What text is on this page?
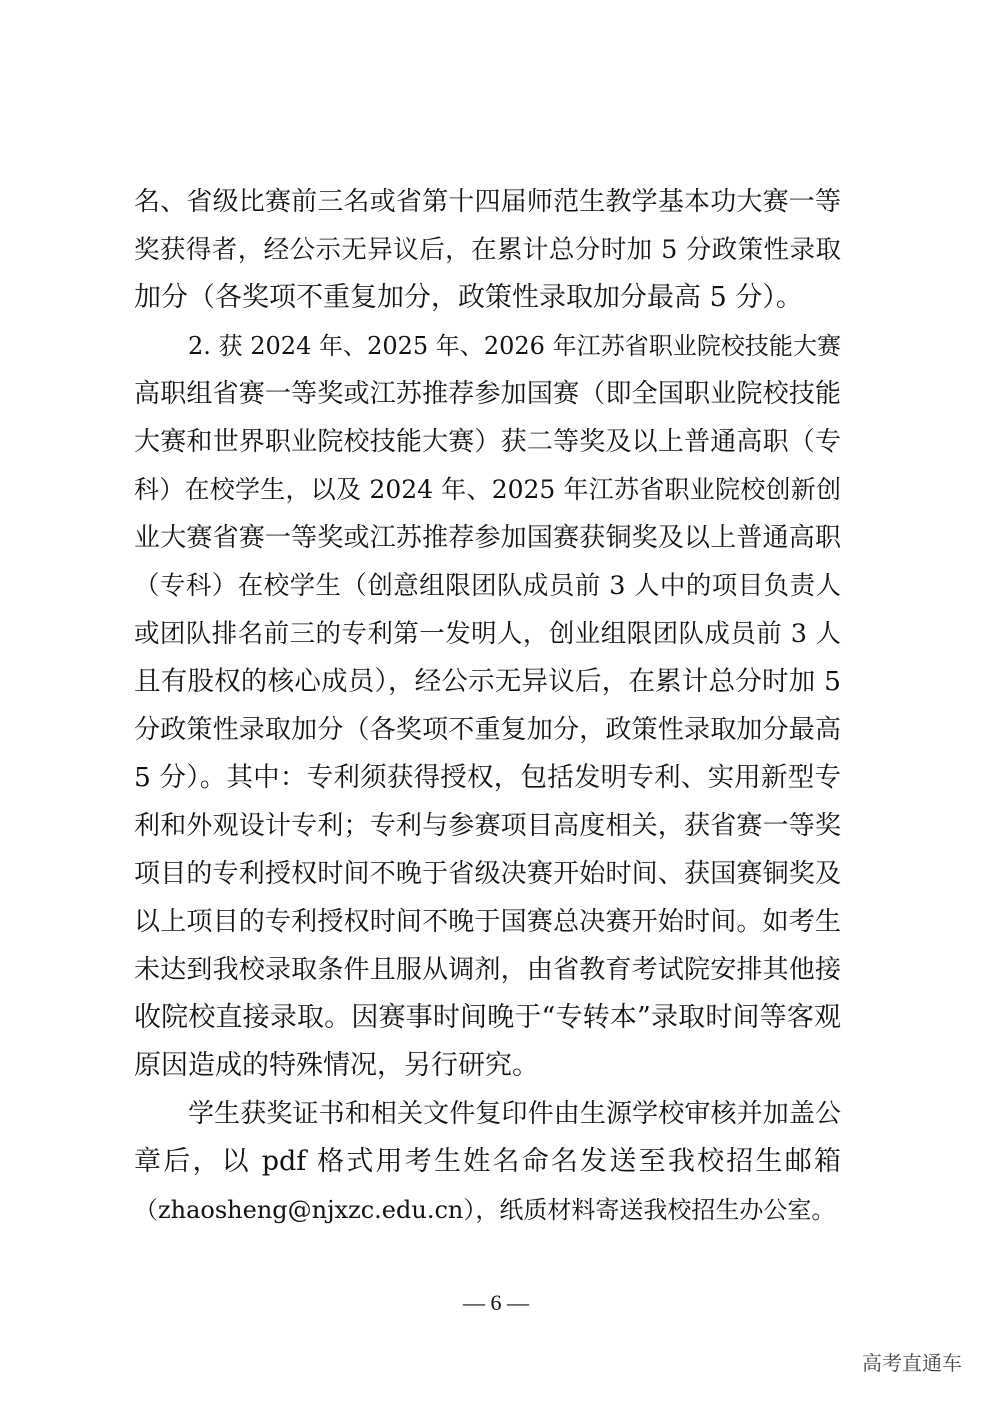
名、省级比赛前三名或省第十四届师范生教学基本功大赛一等
奖获得者，经公示无异议后，在累计总分时加 5 分政策性录取
加分（各奖项不重复加分，政策性录取加分最高 5 分）。
2. 获 2024 年、2025 年、2026 年江苏省职业院校技能大赛
高职组省赛一等奖或江苏推荐参加国赛（即全国职业院校技能
大赛和世界职业院校技能大赛）获二等奖及以上普通高职（专
科）在校学生，以及 2024 年、2025 年江苏省职业院校创新创
业大赛省赛一等奖或江苏推荐参加国赛获铜奖及以上普通高职
（专科）在校学生（创意组限团队成员前 3 人中的项目负责人
或团队排名前三的专利第一发明人，创业组限团队成员前 3 人
且有股权的核心成员），经公示无异议后，在累计总分时加 5
分政策性录取加分（各奖项不重复加分，政策性录取加分最高
5 分）。其中：专利须获得授权，包括发明专利、实用新型专
利和外观设计专利；专利与参赛项目高度相关，获省赛一等奖
项目的专利授权时间不晚于省级决赛开始时间、获国赛铜奖及
以上项目的专利授权时间不晚于国赛总决赛开始时间。如考生
未达到我校录取条件且服从调剂，由省教育考试院安排其他接
收院校直接录取。因赛事时间晚于“专转本”录取时间等客观
原因造成的特殊情况，另行研究。
学生获奖证书和相关文件复印件由生源学校审核并加盖公
章后，以 pdf 格式用考生姓名命名发送至我校招生邮箱
（zhaosheng@njxzc.edu.cn），纸质材料寄送我校招生办公室。
— 6 —
高考直通车
